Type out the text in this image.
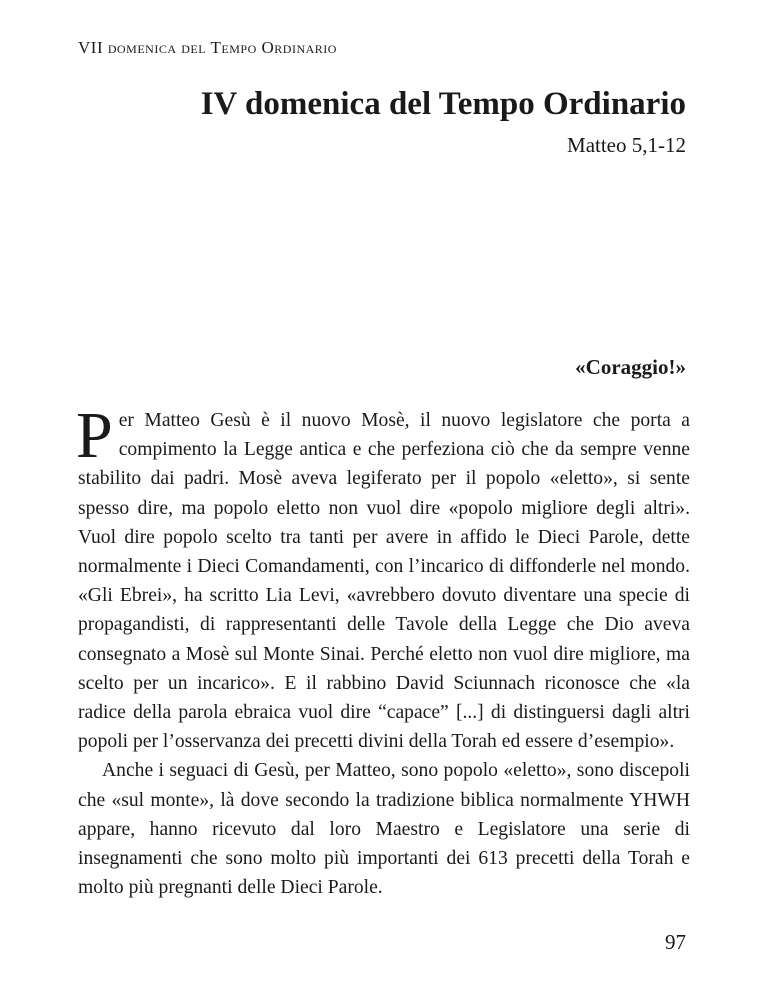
VII domenica del Tempo Ordinario
IV domenica del Tempo Ordinario
Matteo 5,1-12
«Coraggio!»

Per Matteo Gesù è il nuovo Mosè, il nuovo legislatore che porta a compimento la Legge antica e che perfeziona ciò che da sempre venne stabilito dai padri. Mosè aveva legiferato per il popolo «eletto», si sente spesso dire, ma popolo eletto non vuol dire «popolo migliore degli altri». Vuol dire popolo scelto tra tanti per avere in affido le Dieci Parole, dette normalmente i Dieci Comandamenti, con l’incarico di diffonderle nel mondo. «Gli Ebrei», ha scritto Lia Levi, «avrebbero dovuto diventare una specie di propagandisti, di rappresentanti delle Tavole della Legge che Dio aveva consegnato a Mosè sul Monte Sinai. Perché eletto non vuol dire migliore, ma scelto per un incarico». E il rabbino David Sciunnach riconosce che «la radice della parola ebraica vuol dire “capace” [...] di distinguersi dagli altri popoli per l’osservanza dei precetti divini della Torah ed essere d’esempio».

Anche i seguaci di Gesù, per Matteo, sono popolo «eletto», sono discepoli che «sul monte», là dove secondo la tradizione biblica normalmente YHWH appare, hanno ricevuto dal loro Maestro e Legislatore una serie di insegnamenti che sono molto più importanti dei 613 precetti della Torah e molto più pregnanti delle Dieci Parole.

97
